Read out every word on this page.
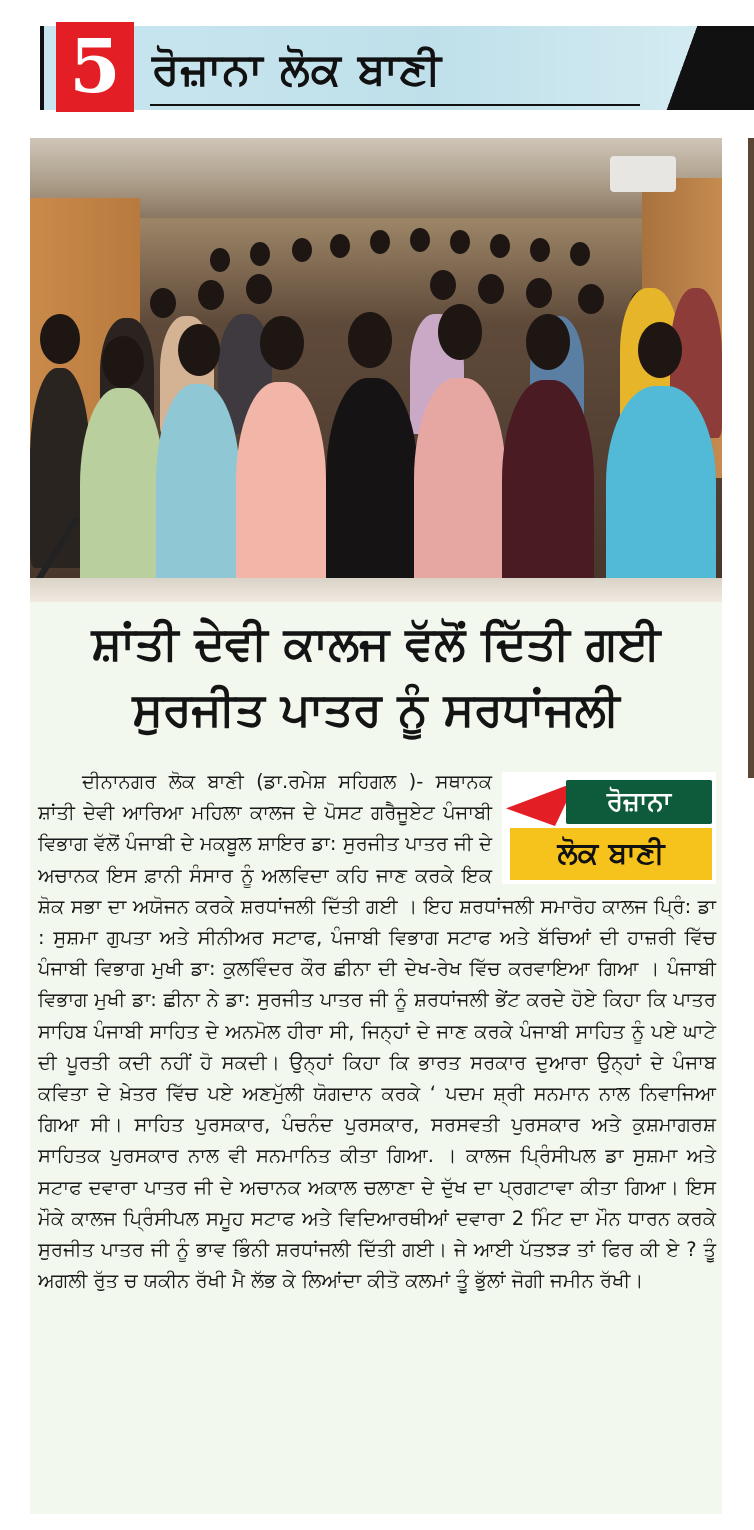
5 ਰੋਜ਼ਾਨਾ ਲੋਕ ਬਾਣੀ
ਸ਼ਾਂਤੀ ਦੇਵੀ ਕਾਲਜ ਵੱਲੋਂ ਦਿੱਤੀ ਗਈ
ਸੁਰਜੀਤ ਪਾਤਰ ਨੂੰ ਸਰਧਾਂਜਲੀ
ਰੋਜ਼ਾਨਾ
ਲੋਕ ਬਾਣੀ

ਦੀਨਾਨਗਰ ਲੋਕ ਬਾਣੀ (ਡਾ.ਰਮੇਸ਼ ਸਹਿਗਲ )- ਸਥਾਨਕ ਸ਼ਾਂਤੀ ਦੇਵੀ ਆਰਿਆ ਮਹਿਲਾ ਕਾਲਜ ਦੇ ਪੋਸਟ ਗਰੈਜੂਏਟ ਪੰਜਾਬੀ ਵਿਭਾਗ ਵੱਲੋਂ ਪੰਜਾਬੀ ਦੇ ਮਕਬੂਲ ਸ਼ਾਇਰ ਡਾ: ਸੁਰਜੀਤ ਪਾਤਰ ਜੀ ਦੇ ਅਚਾਨਕ ਇਸ ਫ਼ਾਨੀ ਸੰਸਾਰ ਨੂੰ ਅਲਵਿਦਾ ਕਹਿ ਜਾਣ ਕਰਕੇ ਇਕ ਸ਼ੋਕ ਸਭਾ ਦਾ ਅਯੋਜਨ ਕਰਕੇ ਸ਼ਰਧਾਂਜਲੀ ਦਿੱਤੀ ਗਈ । ਇਹ ਸ਼ਰਧਾਂਜਲੀ ਸਮਾਰੋਹ ਕਾਲਜ ਪ੍ਰਿੰ: ਡਾ : ਸੁਸ਼ਮਾ ਗੁਪਤਾ ਅਤੇ ਸੀਨੀਅਰ ਸਟਾਫ, ਪੰਜਾਬੀ ਵਿਭਾਗ ਸਟਾਫ ਅਤੇ ਬੱਚਿਆਂ ਦੀ ਹਾਜ਼ਰੀ ਵਿੱਚ ਪੰਜਾਬੀ ਵਿਭਾਗ ਮੁਖੀ ਡਾ: ਕੁਲਵਿੰਦਰ ਕੌਰ ਛੀਨਾ ਦੀ ਦੇਖ-ਰੇਖ ਵਿੱਚ ਕਰਵਾਇਆ ਗਿਆ । ਪੰਜਾਬੀ ਵਿਭਾਗ ਮੁਖੀ ਡਾ: ਛੀਨਾ ਨੇ ਡਾ: ਸੁਰਜੀਤ ਪਾਤਰ ਜੀ ਨੂੰ ਸ਼ਰਧਾਂਜਲੀ ਭੇਂਟ ਕਰਦੇ ਹੋਏ ਕਿਹਾ ਕਿ ਪਾਤਰ ਸਾਹਿਬ ਪੰਜਾਬੀ ਸਾਹਿਤ ਦੇ ਅਨਮੋਲ ਹੀਰਾ ਸੀ, ਜਿਨ੍ਹਾਂ ਦੇ ਜਾਣ ਕਰਕੇ ਪੰਜਾਬੀ ਸਾਹਿਤ ਨੂੰ ਪਏ ਘਾਟੇ ਦੀ ਪੂਰਤੀ ਕਦੀ ਨਹੀਂ ਹੋ ਸਕਦੀ। ਉਨ੍ਹਾਂ ਕਿਹਾ ਕਿ ਭਾਰਤ ਸਰਕਾਰ ਦੁਆਰਾ ਉਨ੍ਹਾਂ ਦੇ ਪੰਜਾਬ ਕਵਿਤਾ ਦੇ ਖ਼ੇਤਰ ਵਿੱਚ ਪਏ ਅਣਮੁੱਲੀ ਯੋਗਦਾਨ ਕਰਕੇ ‘ ਪਦਮ ਸ਼੍ਰੀ ਸਨਮਾਨ ਨਾਲ ਨਿਵਾਜਿਆ ਗਿਆ ਸੀ। ਸਾਹਿਤ ਪੁਰਸਕਾਰ, ਪੰਚਨੰਦ ਪੁਰਸਕਾਰ, ਸਰਸਵਤੀ ਪੁਰਸਕਾਰ ਅਤੇ ਕੁਸ਼ਮਾਗਰਸ਼ ਸਾਹਿਤਕ ਪੁਰਸਕਾਰ ਨਾਲ ਵੀ ਸਨਮਾਨਿਤ ਕੀਤਾ ਗਿਆ. । ਕਾਲਜ ਪ੍ਰਿੰਸੀਪਲ ਡਾ ਸੁਸ਼ਮਾ ਅਤੇ ਸਟਾਫ ਦਵਾਰਾ ਪਾਤਰ ਜੀ ਦੇ ਅਚਾਨਕ ਅਕਾਲ ਚਲਾਣਾ ਦੇ ਦੁੱਖ ਦਾ ਪ੍ਰਗਟਾਵਾ ਕੀਤਾ ਗਿਆ। ਇਸ ਮੌਕੇ ਕਾਲਜ ਪ੍ਰਿੰਸੀਪਲ ਸਮੂਹ ਸਟਾਫ ਅਤੇ ਵਿਦਿਆਰਥੀਆਂ ਦਵਾਰਾ 2 ਮਿੰਟ ਦਾ ਮੌਨ ਧਾਰਨ ਕਰਕੇ ਸੁਰਜੀਤ ਪਾਤਰ ਜੀ ਨੂੰ ਭਾਵ ਭਿੰਨੀ ਸ਼ਰਧਾਂਜਲੀ ਦਿੱਤੀ ਗਈ। ਜੇ ਆਈ ਪੱਤਝੜ ਤਾਂ ਫਿਰ ਕੀ ਏ ? ਤੂੰ ਅਗਲੀ ਰੁੱਤ ਚ ਯਕੀਨ ਰੱਖੀ ਮੈ ਲੱਭ ਕੇ ਲਿਆਂਦਾ ਕੀਤੋ ਕਲਮਾਂ ਤੂੰ ਭੁੱਲਾਂ ਜੋਗੀ ਜਮੀਨ ਰੱਖੀ।
